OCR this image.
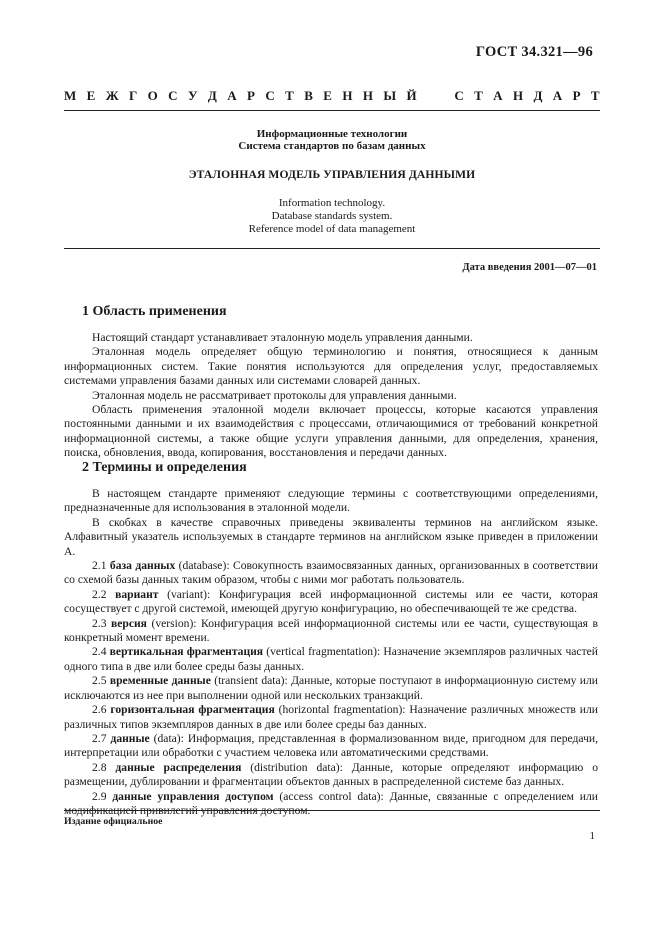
ГОСТ 34.321—96
М Е Ж Г О С У Д А Р С Т В Е Н Н Ы Й

	С Т А Н Д А Р Т
Информационные технологии
Система стандартов по базам данных
ЭТАЛОННАЯ МОДЕЛЬ УПРАВЛЕНИЯ ДАННЫМИ
Information technology.
Database standards system.
Reference model of data management
Дата введения 2001—07—01
1 Область применения

Настоящий стандарт устанавливает эталонную модель управления данными.

Эталонная модель определяет общую терминологию и понятия, относящиеся к данным информационных систем. Такие понятия используются для определения услуг, предоставляемых системами управления базами данных или системами словарей данных.

Эталонная модель не рассматривает протоколы для управления данными.

Область применения эталонной модели включает процессы, которые касаются управления постоянными данными и их взаимодействия с процессами, отличающимися от требований конкретной информационной системы, а также общие услуги управления данными, для определения, хранения, поиска, обновления, ввода, копирования, восстановления и передачи данных.

2 Термины и определения

В настоящем стандарте применяют следующие термины с соответствующими определениями, предназначенные для использования в эталонной модели.

В скобках в качестве справочных приведены эквиваленты терминов на английском языке. Алфавитный указатель используемых в стандарте терминов на английском языке приведен в приложении А.

2.1 база данных (database): Совокупность взаимосвязанных данных, организованных в соответствии со схемой базы данных таким образом, чтобы с ними мог работать пользователь.

2.2 вариант (variant): Конфигурация всей информационной системы или ее части, которая сосуществует с другой системой, имеющей другую конфигурацию, но обеспечивающей те же средства.

2.3 версия (version): Конфигурация всей информационной системы или ее части, существующая в конкретный момент времени.

2.4 вертикальная фрагментация (vertical fragmentation): Назначение экземпляров различных частей одного типа в две или более среды базы данных.

2.5 временные данные (transient data): Данные, которые поступают в информационную систему или исключаются из нее при выполнении одной или нескольких транзакций.

2.6 горизонтальная фрагментация (horizontal fragmentation): Назначение различных множеств или различных типов экземпляров данных в две или более среды баз данных.

2.7 данные (data): Информация, представленная в формализованном виде, пригодном для передачи, интерпретации или обработки с участием человека или автоматическими средствами.

2.8 данные распределения (distribution data): Данные, которые определяют информацию о размещении, дублировании и фрагментации объектов данных в распределенной системе баз данных.

2.9 данные управления доступом (access control data): Данные, связанные с определением или модификацией привилегий управления доступом.

Издание официальное
1
